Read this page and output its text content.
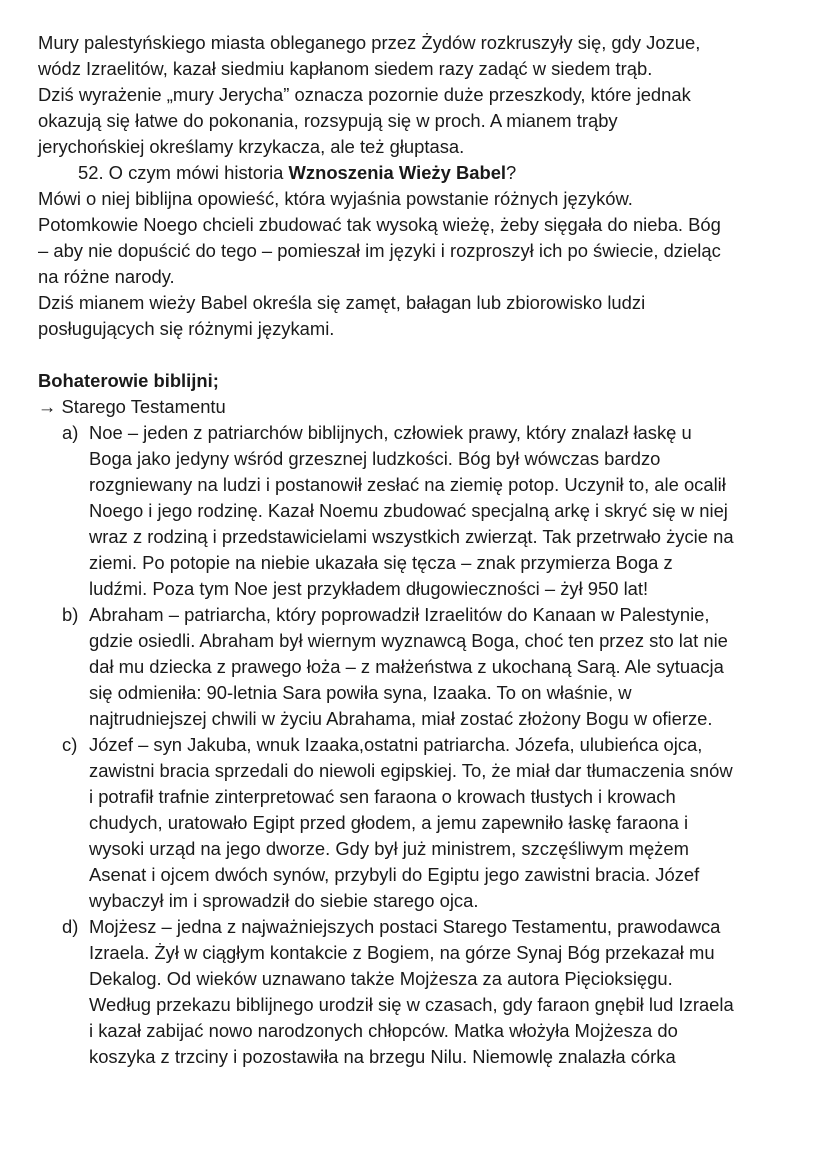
Mury palestyńskiego miasta obleganego przez Żydów rozkruszyły się, gdy Jozue,
wódz Izraelitów, kazał siedmiu kapłanom siedem razy zadąć w siedem trąb.
Dziś wyrażenie „mury Jerycha” oznacza pozornie duże przeszkody, które jednak
okazują się łatwe do pokonania, rozsypują się w proch. A mianem trąby
jerychońskiej określamy krzykacza, ale też głuptasa.
52. O czym mówi historia Wznoszenia Wieży Babel?
Mówi o niej biblijna opowieść, która wyjaśnia powstanie różnych języków.
Potomkowie Noego chcieli zbudować tak wysoką wieżę, żeby sięgała do nieba. Bóg
– aby nie dopuścić do tego – pomieszał im języki i rozproszył ich po świecie, dzieląc
na różne narody.
Dziś mianem wieży Babel określa się zamęt, bałagan lub zbiorowisko ludzi
posługujących się różnymi językami.
Bohaterowie biblijni;
→ Starego Testamentu
a) Noe – jeden z patriarchów biblijnych, człowiek prawy, który znalazł łaskę u
Boga jako jedyny wśród grzesznej ludzkości. Bóg był wówczas bardzo
rozgniewany na ludzi i postanowił zesłać na ziemię potop. Uczynił to, ale ocalił
Noego i jego rodzinę. Kazał Noemu zbudować specjalną arkę i skryć się w niej
wraz z rodziną i przedstawicielami wszystkich zwierząt. Tak przetrwało życie na
ziemi. Po potopie na niebie ukazała się tęcza – znak przymierza Boga z
ludźmi. Poza tym Noe jest przykładem długowieczności – żył 950 lat!
b) Abraham – patriarcha, który poprowadził Izraelitów do Kanaan w Palestynie,
gdzie osiedli. Abraham był wiernym wyznawcą Boga, choć ten przez sto lat nie
dał mu dziecka z prawego łoża – z małżeństwa z ukochaną Sarą. Ale sytuacja
się odmieniła: 90-letnia Sara powiła syna, Izaaka. To on właśnie, w
najtrudniejszej chwili w życiu Abrahama, miał zostać złożony Bogu w ofierze.
c) Józef – syn Jakuba, wnuk Izaaka,ostatni patriarcha. Józefa, ulubieńca ojca,
zawistni bracia sprzedali do niewoli egipskiej. To, że miał dar tłumaczenia snów
i potrafił trafnie zinterpretować sen faraona o krowach tłustych i krowach
chudych, uratowało Egipt przed głodem, a jemu zapewniło łaskę faraona i
wysoki urząd na jego dworze. Gdy był już ministrem, szczęśliwym mężem
Asenat i ojcem dwóch synów, przybyli do Egiptu jego zawistni bracia. Józef
wybaczył im i sprowadził do siebie starego ojca.
d) Mojżesz – jedna z najważniejszych postaci Starego Testamentu, prawodawca
Izraela. Żył w ciągłym kontakcie z Bogiem, na górze Synaj Bóg przekazał mu
Dekalog. Od wieków uznawano także Mojżesza za autora Pięcioksięgu.
Według przekazu biblijnego urodził się w czasach, gdy faraon gnębił lud Izraela
i kazał zabijać nowo narodzonych chłopców. Matka włożyła Mojżesza do
koszyka z trzciny i pozostawiła na brzegu Nilu. Niemowlę znalazła córka
